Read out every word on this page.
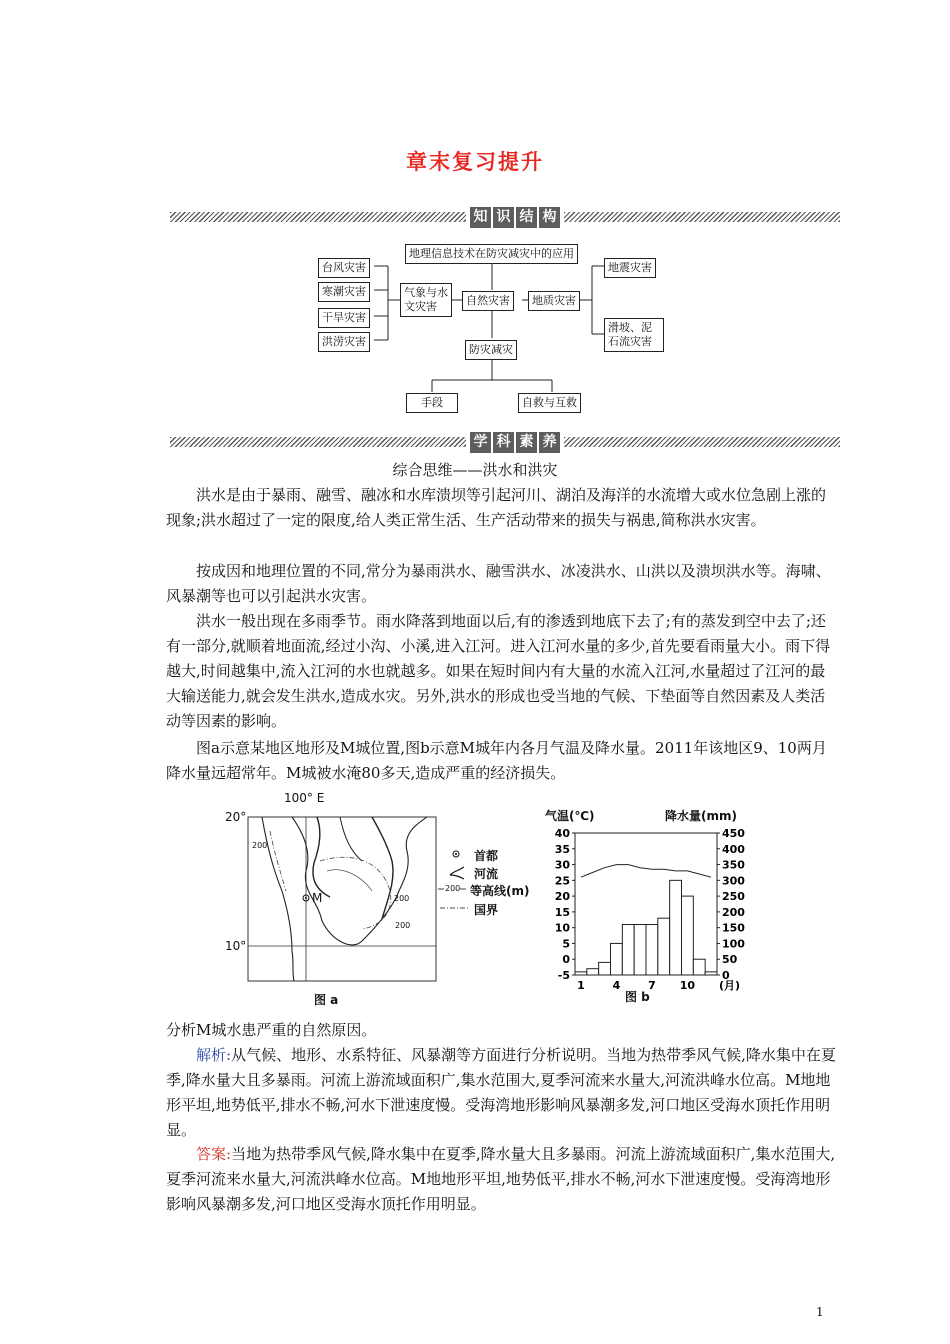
章末复习提升
知 识 结 构
地理信息技术在防灾减灾中的应用
台风灾害
寒潮灾害
干旱灾害
洪涝灾害
气象与水文灾害	自然灾害	地质灾害
地震灾害
滑坡、泥石流灾害
防灾减灾
手段	自救与互救
学 科 素 养
综合思维——洪水和洪灾

洪水是由于暴雨、融雪、融冰和水库溃坝等引起河川、湖泊及海洋的水流增大或水位急剧上涨的现象;洪水超过了一定的限度,给人类正常生活、生产活动带来的损失与祸患,简称洪水灾害。

按成因和地理位置的不同,常分为暴雨洪水、融雪洪水、冰凌洪水、山洪以及溃坝洪水等。海啸、风暴潮等也可以引起洪水灾害。

洪水一般出现在多雨季节。雨水降落到地面以后,有的渗透到地底下去了;有的蒸发到空中去了;还有一部分,就顺着地面流,经过小沟、小溪,进入江河。进入江河水量的多少,首先要看雨量大小。雨下得越大,时间越集中,流入江河的水也就越多。如果在短时间内有大量的水流入江河,水量超过了江河的最大输送能力,就会发生洪水,造成水灾。另外,洪水的形成也受当地的气候、下垫面等自然因素及人类活动等因素的影响。

图a示意某地区地形及M城位置,图b示意M城年内各月气温及降水量。2011年该地区9、10两月降水量远超常年。M城被水淹80多天,造成严重的经济损失。

100° E
20°
10°
200
200
200
M
首都
河流
200 等高线(m)
国界
图 a
气温(℃)	降水量(mm)
-5
0
5
10
15
20
25
30
35
40
0
50
100
150
200
250
300
350
400
450
1	4	7 10 (月)
图 b

分析M城水患严重的自然原因。

解析:从气候、地形、水系特征、风暴潮等方面进行分析说明。当地为热带季风气候,降水集中在夏季,降水量大且多暴雨。河流上游流域面积广,集水范围大,夏季河流来水量大,河流洪峰水位高。M地地形平坦,地势低平,排水不畅,河水下泄速度慢。受海湾地形影响风暴潮多发,河口地区受海水顶托作用明显。

答案:当地为热带季风气候,降水集中在夏季,降水量大且多暴雨。河流上游流域面积广,集水范围大,夏季河流来水量大,河流洪峰水位高。M地地形平坦,地势低平,排水不畅,河水下泄速度慢。受海湾地形影响风暴潮多发,河口地区受海水顶托作用明显。

1
